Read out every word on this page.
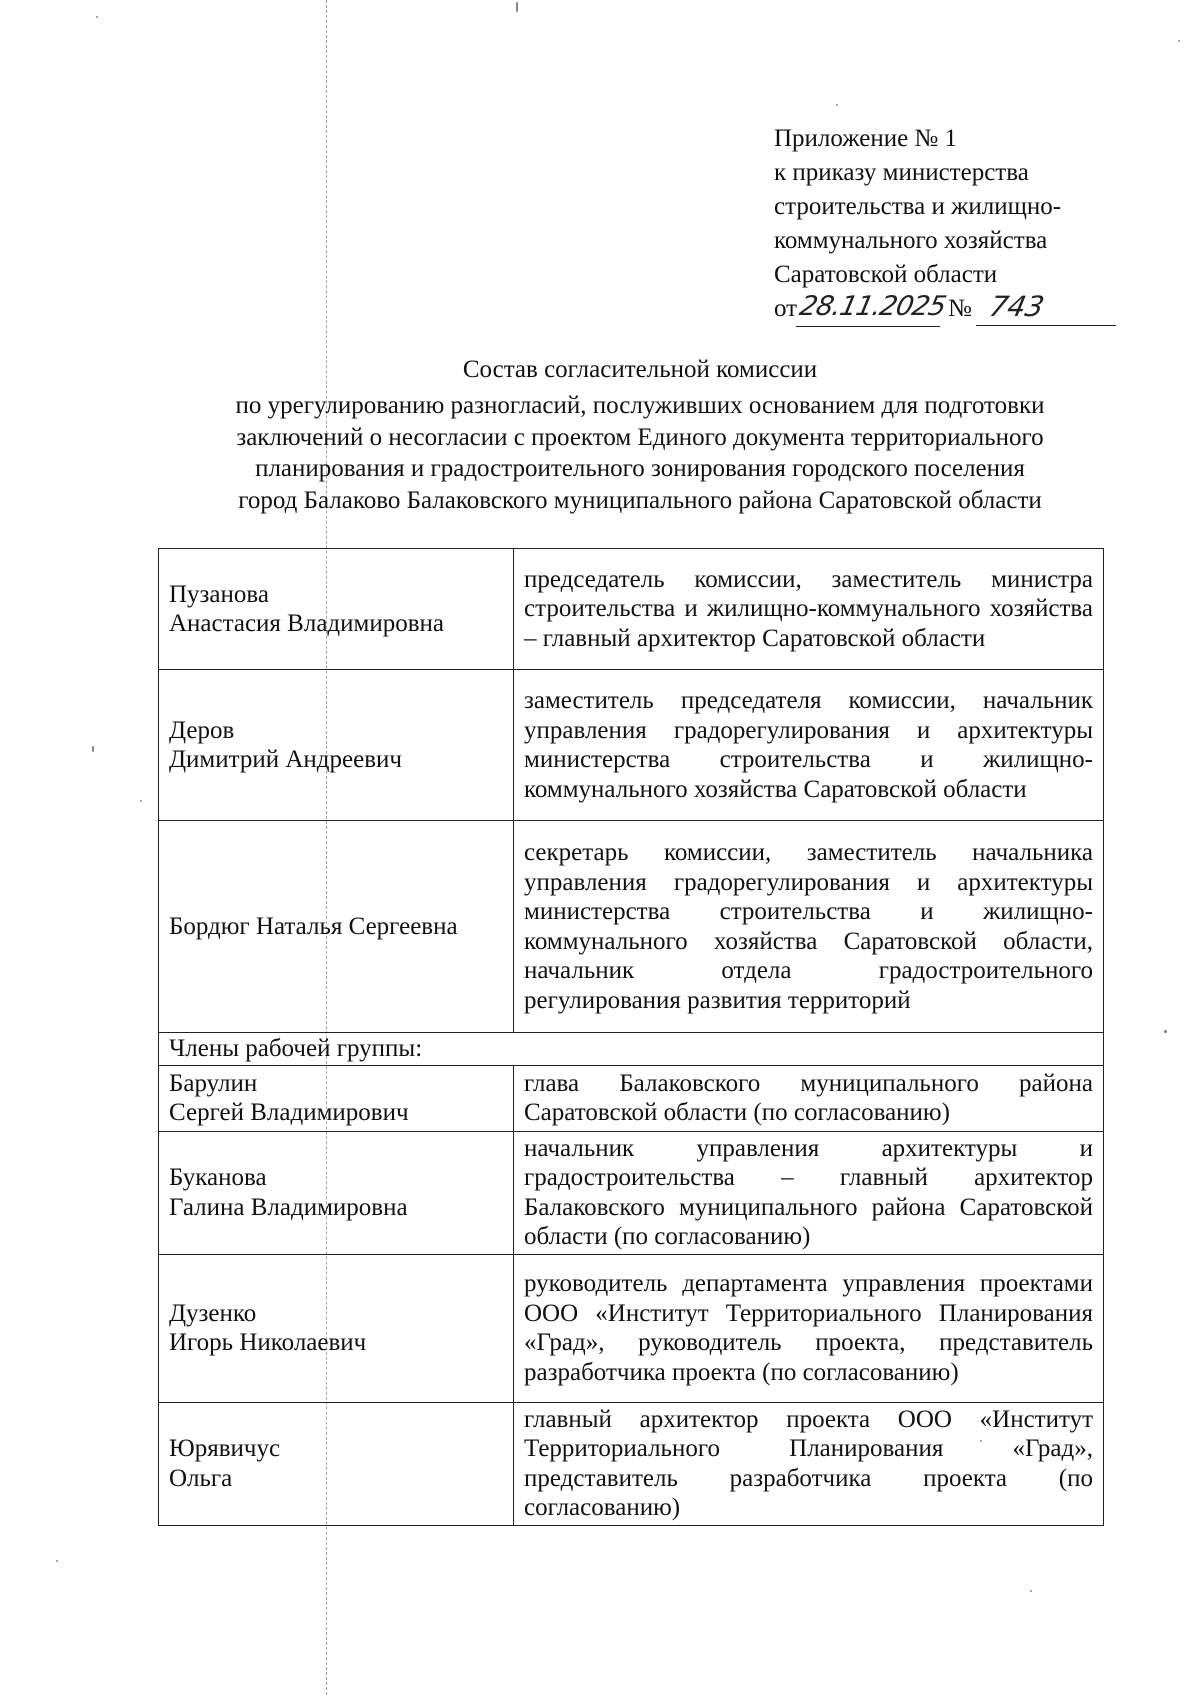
Приложение № 1
к приказу министерства
строительства и жилищно-
коммунального хозяйства
Саратовской области
от 28.11.2025 № 743
Состав согласительной комиссии
по урегулированию разногласий, послуживших основанием для подготовки
заключений о несогласии с проектом Единого документа территориального
планирования и градостроительного зонирования городского поселения
город Балаково Балаковского муниципального района Саратовской области
Пузанова
Анастасия Владимировна	председатель комиссии, заместитель министра строительства и жилищно-коммунального хозяйства – главный архитектор Саратовской области

Деров
Димитрий Андреевич	заместитель председателя комиссии, начальник управления градорегулирования и архитектуры министерства строительства и жилищно-коммунального хозяйства Саратовской области

Бордюг Наталья Сергеевна	секретарь комиссии, заместитель начальника управления градорегулирования и архитектуры министерства строительства и жилищно-коммунального хозяйства Саратовской области, начальник отдела градостроительного регулирования развития территорий
Члены рабочей группы:	

Барулин
Сергей Владимирович	глава Балаковского муниципального района Саратовской области (по согласованию)

Буканова
Галина Владимировна	начальник управления архитектуры и градостроительства – главный архитектор Балаковского муниципального района Саратовской области (по согласованию)

Дузенко
Игорь Николаевич	руководитель департамента управления проектами ООО «Институт Территориального Планирования «Град», руководитель проекта, представитель разработчика проекта (по согласованию)

Юрявичус
Ольга	главный архитектор проекта ООО «Институт Территориального Планирования «Град», представитель разработчика проекта (по согласованию)
